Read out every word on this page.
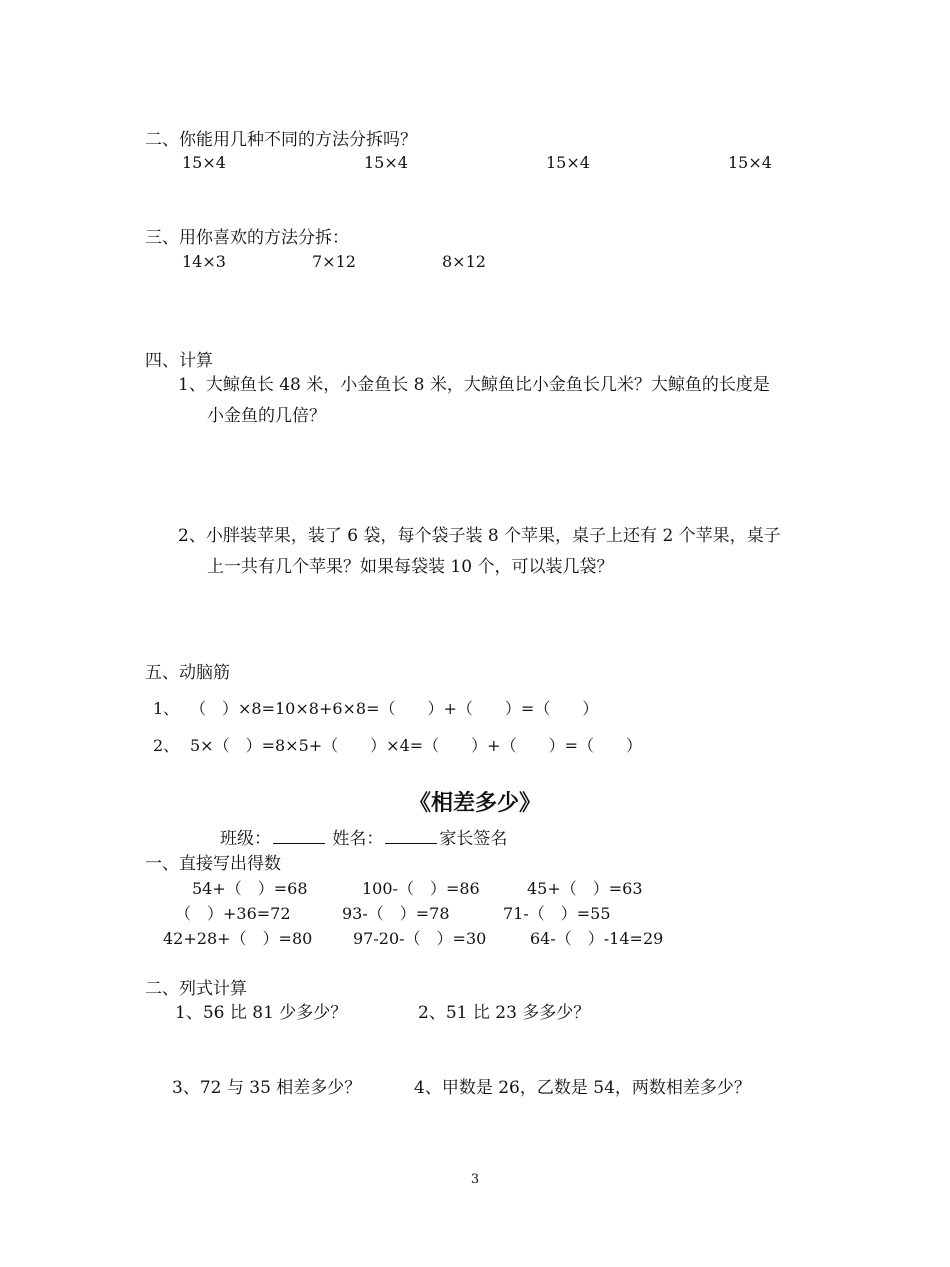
二、你能用几种不同的方法分拆吗？
15×4	15×4	15×4	15×4
三、用你喜欢的方法分拆：
14×3	7×12	8×12
四、计算
1、大鲸鱼长 48 米，小金鱼长 8 米，大鲸鱼比小金鱼长几米？大鲸鱼的长度是
小金鱼的几倍？
2、小胖装苹果，装了 6 袋，每个袋子装 8 个苹果，桌子上还有 2 个苹果，桌子
上一共有几个苹果？如果每袋装 10 个，可以装几袋？
五、动脑筋
1、 （　）×8=10×8+6×8=（　　）+（　　）=（　　）
2、 5×（　）=8×5+（　　）×4=（　　）+（　　）=（　　）
《相差多少》
班级：	姓名：	家长签名
一、直接写出得数
54+（　）=68	100-（　）=86	45+（　）=63
（　）+36=72	93-（　）=78	71-（　）=55
42+28+（　）=80	97-20-（　）=30	64-（　）-14=29
二、列式计算
1、56 比 81 少多少？	2、51 比 23 多多少？
3、72 与 35 相差多少？	4、甲数是 26，乙数是 54，两数相差多少？
3
